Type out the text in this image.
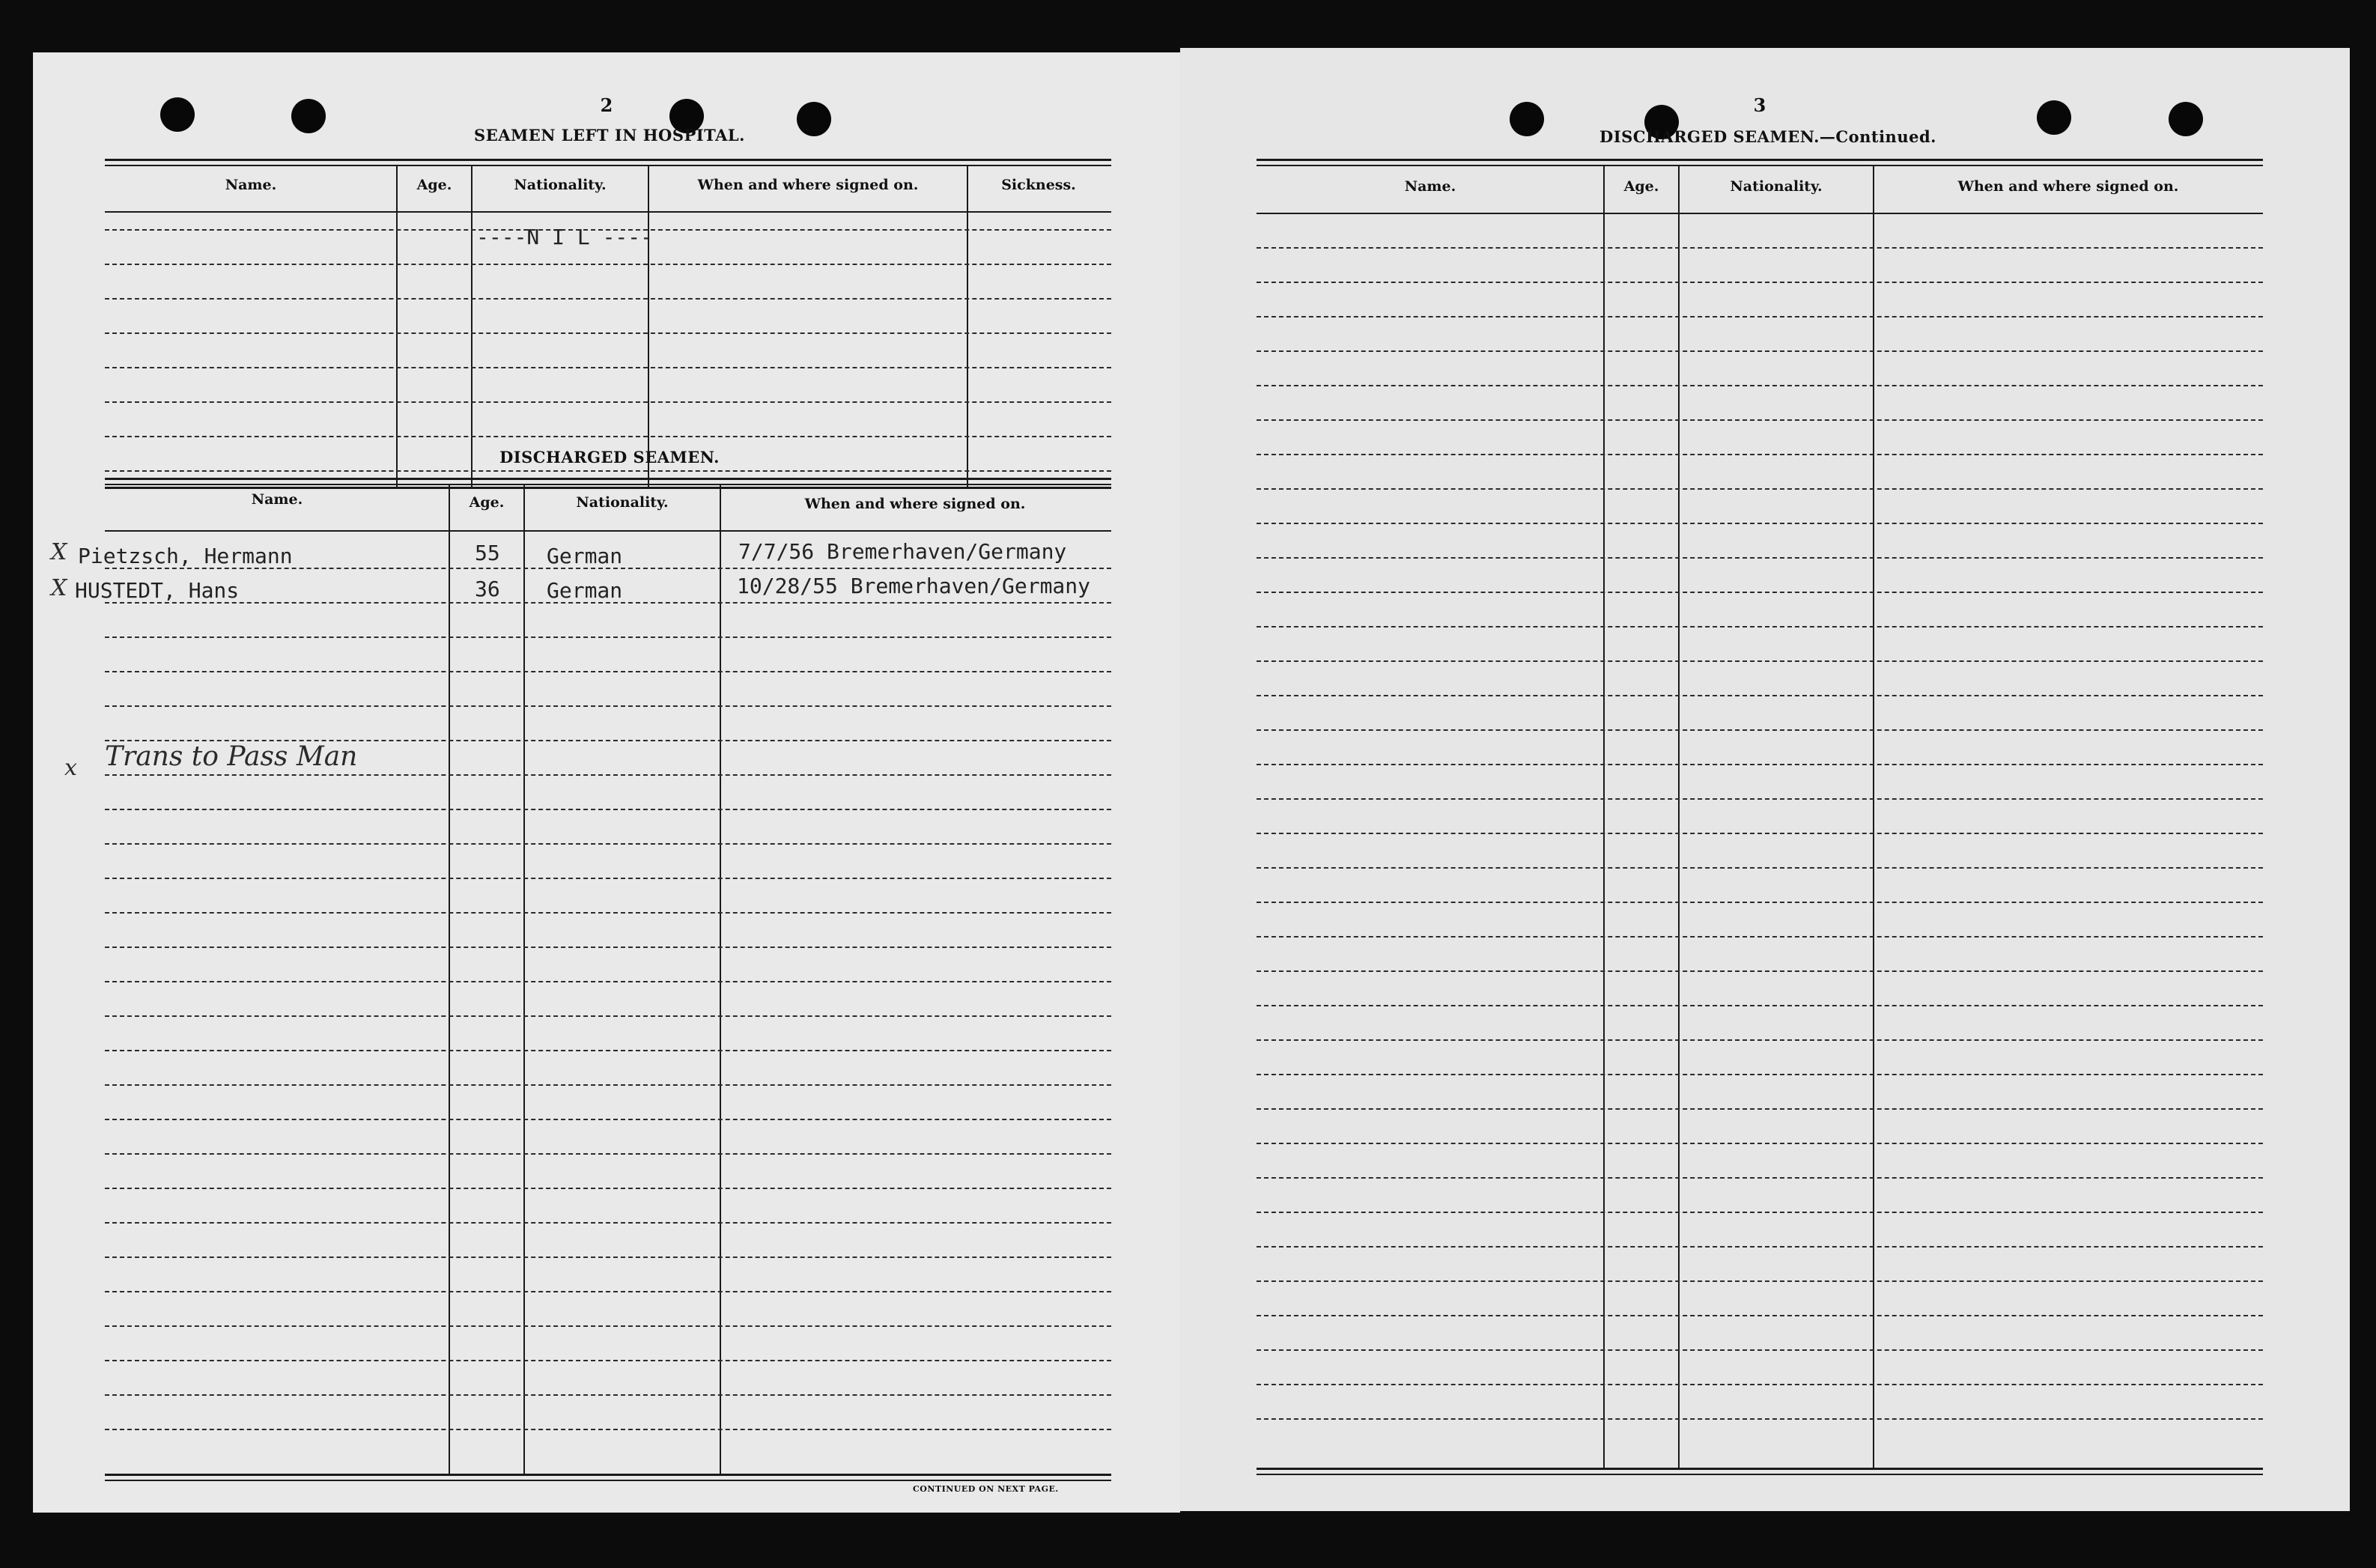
2
SEAMEN LEFT IN HOSPITAL.
Name.	Age.	Nationality.	When and where signed on.	Sickness.
----N I L ----
DISCHARGED SEAMEN.
Name.	Age.	Nationality.	When and where signed on.
X Pietzsch, Hermann	55 German	7/7/56 Bremerhaven/Germany
X HUSTEDT, Hans	36 German	10/28/55 Bremerhaven/Germany
x Trans to Pass Man
CONTINUED ON NEXT PAGE.
3
DISCHARGED SEAMEN.—Continued.
Name.	Age.	Nationality.	When and where signed on.
